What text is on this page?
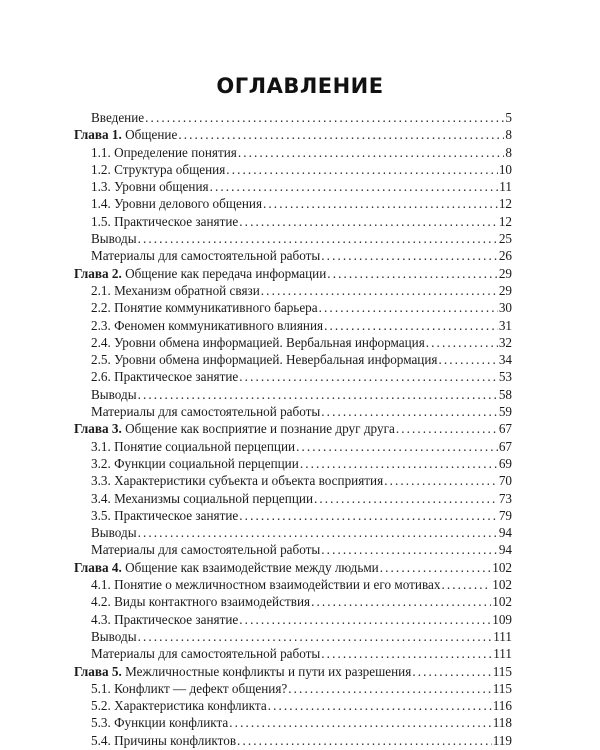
ОГЛАВЛЕНИЕ
Введение . . .	5
Глава 1. Общение . . .	8
1.1. Определение понятия . . .	8
1.2. Структура общения . . .	10
1.3. Уровни общения . . .	11
1.4. Уровни делового общения . . .	12
1.5. Практическое занятие . . .	12
Выводы . . .	25
Материалы для самостоятельной работы . . .	26
Глава 2. Общение как передача информации . . .	29
2.1. Механизм обратной связи . . .	29
2.2. Понятие коммуникативного барьера . . .	30
2.3. Феномен коммуникативного влияния . . .	31
2.4. Уровни обмена информацией. Вербальная информация . . .	32
2.5. Уровни обмена информацией. Невербальная информация . . .	34
2.6. Практическое занятие . . .	53
Выводы . . .	58
Материалы для самостоятельной работы . . .	59
Глава 3. Общение как восприятие и познание друг друга . . .	67
3.1. Понятие социальной перцепции . . .	67
3.2. Функции социальной перцепции . . .	69
3.3. Характеристики субъекта и объекта восприятия . . .	70
3.4. Механизмы социальной перцепции . . .	73
3.5. Практическое занятие . . .	79
Выводы . . .	94
Материалы для самостоятельной работы . . .	94
Глава 4. Общение как взаимодействие между людьми . . .	102
4.1. Понятие о межличностном взаимодействии и его мотивах . . .	102
4.2. Виды контактного взаимодействия . . .	102
4.3. Практическое занятие . . .	109
Выводы . . .	111
Материалы для самостоятельной работы . . .	111
Глава 5. Межличностные конфликты и пути их разрешения . . .	115
5.1. Конфликт — дефект общения? . . .	115
5.2. Характеристика конфликта . . .	116
5.3. Функции конфликта . . .	118
5.4. Причины конфликтов . . .	119
